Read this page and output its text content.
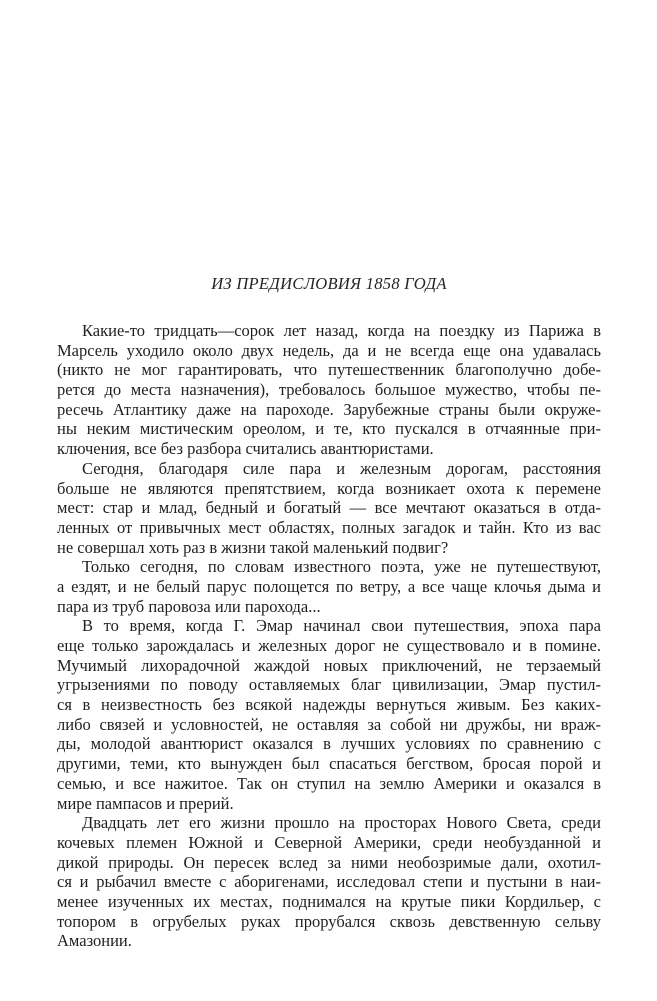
ИЗ ПРЕДИСЛОВИЯ 1858 ГОДА
Какие-то тридцать—сорок лет назад, когда на поездку из Парижа в
Марсель уходило около двух недель, да и не всегда еще она удавалась
(никто не мог гарантировать, что путешественник благополучно добе-
рется до места назначения), требовалось большое мужество, чтобы пе-
ресечь Атлантику даже на пароходе. Зарубежные страны были окруже-
ны неким мистическим ореолом, и те, кто пускался в отчаянные при-
ключения, все без разбора считались авантюристами.
Сегодня, благодаря силе пара и железным дорогам, расстояния
больше не являются препятствием, когда возникает охота к перемене
мест: стар и млад, бедный и богатый — все мечтают оказаться в отда-
ленных от привычных мест областях, полных загадок и тайн. Кто из вас
не совершал хоть раз в жизни такой маленький подвиг?
Только сегодня, по словам известного поэта, уже не путешествуют,
а ездят, и не белый парус полощется по ветру, а все чаще клочья дыма и
пара из труб паровоза или парохода...
В то время, когда Г. Эмар начинал свои путешествия, эпоха пара
еще только зарождалась и железных дорог не существовало и в помине.
Мучимый лихорадочной жаждой новых приключений, не терзаемый
угрызениями по поводу оставляемых благ цивилизации, Эмар пустил-
ся в неизвестность без всякой надежды вернуться живым. Без каких-
либо связей и условностей, не оставляя за собой ни дружбы, ни враж-
ды, молодой авантюрист оказался в лучших условиях по сравнению с
другими, теми, кто вынужден был спасаться бегством, бросая порой и
семью, и все нажитое. Так он ступил на землю Америки и оказался в
мире пампасов и прерий.
Двадцать лет его жизни прошло на просторах Нового Света, среди
кочевых племен Южной и Северной Америки, среди необузданной и
дикой природы. Он пересек вслед за ними необозримые дали, охотил-
ся и рыбачил вместе с аборигенами, исследовал степи и пустыни в наи-
менее изученных их местах, поднимался на крутые пики Кордильер, с
топором в огрубелых руках прорубался сквозь девственную сельву
Амазонии.
